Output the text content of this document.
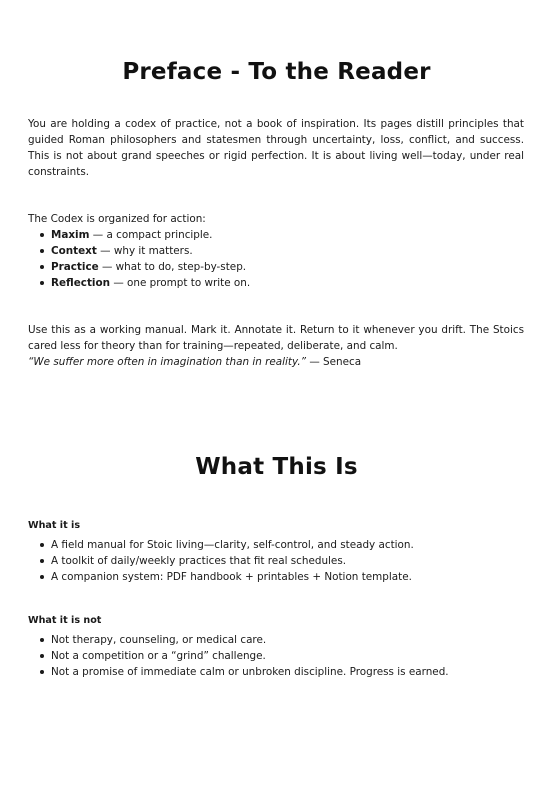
Preface - To the Reader

You are holding a codex of practice, not a book of inspiration. Its pages distill principles that guided Roman philosophers and statesmen through uncertainty, loss, conflict, and success. This is not about grand speeches or rigid perfection. It is about living well—today, under real constraints.

The Codex is organized for action:

Maxim — a compact principle.
Context — why it matters.
Practice — what to do, step-by-step.
Reflection — one prompt to write on.

Use this as a working manual. Mark it. Annotate it. Return to it whenever you drift. The Stoics cared less for theory than for training—repeated, deliberate, and calm.

“We suffer more often in imagination than in reality.” — Seneca

What This Is

What it is

A field manual for Stoic living—clarity, self-control, and steady action.
A toolkit of daily/weekly practices that fit real schedules.
A companion system: PDF handbook + printables + Notion template.

What it is not

Not therapy, counseling, or medical care.
Not a competition or a “grind” challenge.
Not a promise of immediate calm or unbroken discipline. Progress is earned.
